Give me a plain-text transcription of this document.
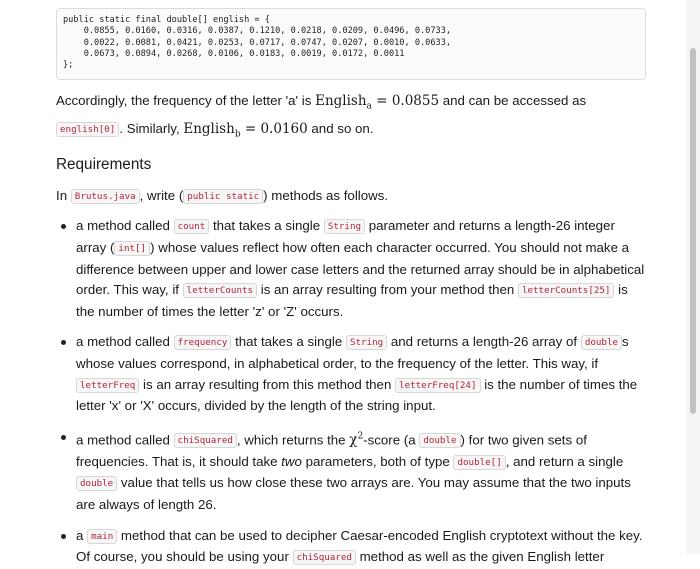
public static final double[] english = {
0.0855, 0.0160, 0.0316, 0.0387, 0.1210, 0.0218, 0.0209, 0.0496, 0.0733,
0.0022, 0.0081, 0.0421, 0.0253, 0.0717, 0.0747, 0.0207, 0.0010, 0.0633,
0.0673, 0.0894, 0.0268, 0.0106, 0.0183, 0.0019, 0.0172, 0.0011
};

Accordingly, the frequency of the letter 'a' is English$_a$ = 0.0855 and can be accessed as english[0] . Similarly, English$_b$ = 0.0160 and so on.

Requirements

In Brutus.java , write ( public static ) methods as follows.

a method called count that takes a single String parameter and returns a length-26 integer array ( int[] ) whose values reflect how often each character occurred. You should not make a difference between upper and lower case letters and the returned array should be in alphabetical order. This way, if letterCounts is an array resulting from your method then letterCounts[25] is the number of times the letter 'z' or 'Z' occurs.
a method called frequency that takes a single String and returns a length-26 array of double s whose values correspond, in alphabetical order, to the frequency of the letter. This way, if letterFreq is an array resulting from this method then letterFreq[24] is the number of times the letter 'x' or 'X' occurs, divided by the length of the string input.
a method called chiSquared , which returns the $\chi^2$-score (a double ) for two given sets of frequencies. That is, it should take two parameters, both of type double[] , and return a single double value that tells us how close these two arrays are. You may assume that the two inputs are always of length 26.
a main method that can be used to decipher Caesar-encoded English cryptotext without the key. Of course, you should be using your chiSquared method as well as the given English letter
